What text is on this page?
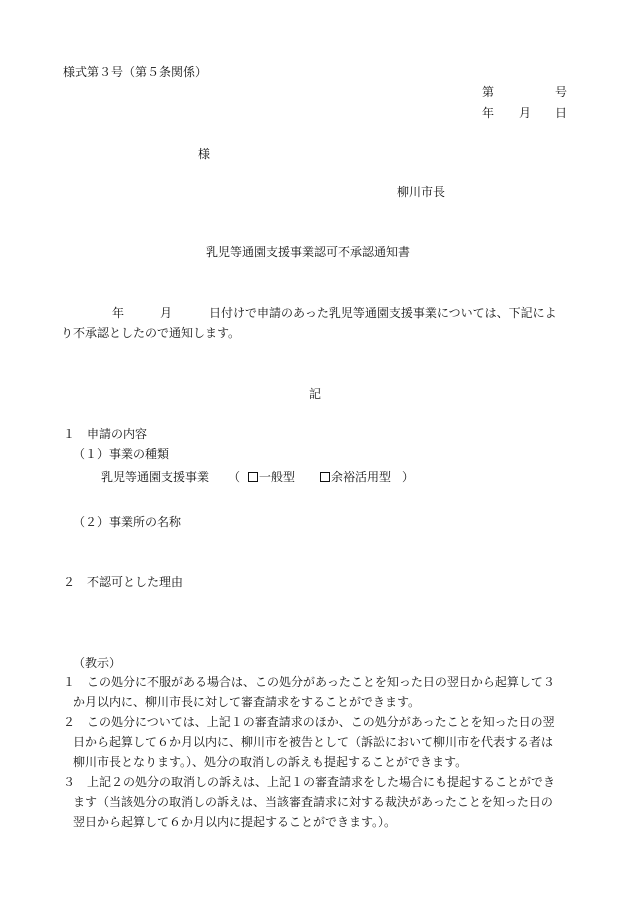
様式第３号（第５条関係）

第	号

年 月 日

様

柳川市長

乳児等通園支援事業認可不承認通知書

年	月	日付けで申請のあった乳児等通園支援事業については、下記によ

り不承認としたので通知します。

記

１　申請の内容

（１）事業の種類

乳児等通園支援事業 （	一般型	余裕活用型 ）

（２）事業所の名称

２　不認可とした理由

（教示）

１ この処分に不服がある場合は、この処分があったことを知った日の翌日から起算して３

か月以内に、柳川市長に対して審査請求をすることができます。

２ この処分については、上記１の審査請求のほか、この処分があったことを知った日の翌

日から起算して６か月以内に、柳川市を被告として（訴訟において柳川市を代表する者は

柳川市長となります。）、処分の取消しの訴えも提起することができます。

３ 上記２の処分の取消しの訴えは、上記１の審査請求をした場合にも提起することができ

ます（当該処分の取消しの訴えは、当該審査請求に対する裁決があったことを知った日の

翌日から起算して６か月以内に提起することができます。）。
